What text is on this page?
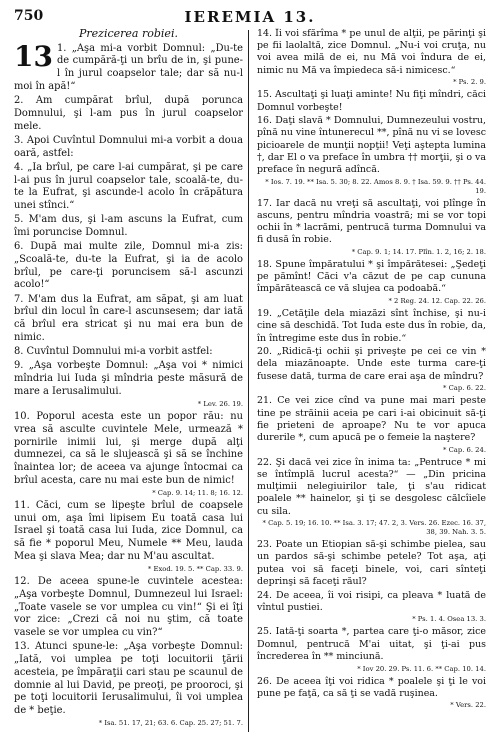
750	IEREMIA 13.
Prezicerea robiei.
13 1. „Aşa mi-a vorbit Domnul: „Du-te de cumpără-ţi un brîu de in, şi pune-l în jurul coapselor tale; dar să nu-l moi în apă!“
2. Am cumpărat brîul, după porunca Domnului, şi l-am pus în jurul coapselor mele.
3. Apoi Cuvîntul Domnului mi-a vorbit a doua oară, astfel:
4. „Ia brîul, pe care l-ai cumpărat, şi pe care l-ai pus în jurul coapselor tale, scoală-te, du-te la Eufrat, şi ascunde-l acolo în crăpătura unei stînci.“
5. M'am dus, şi l-am ascuns la Eufrat, cum îmi poruncise Domnul.
6. După mai multe zile, Domnul mi-a zis: „Scoală-te, du-te la Eufrat, şi ia de acolo brîul, pe care-ţi poruncisem să-l ascunzi acolo!“
7. M'am dus la Eufrat, am săpat, şi am luat brîul din locul în care-l ascunsesem; dar iată că brîul era stricat şi nu mai era bun de nimic.
8. Cuvîntul Domnului mi-a vorbit astfel:
9. „Aşa vorbeşte Domnul: „Aşa voi * nimici mîndria lui Iuda şi mîndria peste măsură de mare a Ierusalimului.
* Lev. 26. 19.
10. Poporul acesta este un popor rău: nu vrea să asculte cuvintele Mele, urmează * pornirile inimii lui, şi merge după alţi dumnezei, ca să le slujească şi să se închine înaintea lor; de aceea va ajunge întocmai ca brîul acesta, care nu mai este bun de nimic!
* Cap. 9. 14; 11. 8; 16. 12.
11. Căci, cum se lipeşte brîul de coapsele unui om, aşa îmi lipisem Eu toată casa lui Israel şi toată casa lui Iuda, zice Domnul, ca să fie * poporul Meu, Numele ** Meu, lauda Mea şi slava Mea; dar nu M'au ascultat.
* Exod. 19. 5. ** Cap. 33. 9.
12. De aceea spune-le cuvintele acestea: „Aşa vorbeşte Domnul, Dumnezeul lui Israel: „Toate vasele se vor umplea cu vin!“ Şi ei îţi vor zice: „Crezi că noi nu ştim, că toate vasele se vor umplea cu vin?“
13. Atunci spune-le: „Aşa vorbeşte Domnul: „Iată, voi umplea pe toţi locuitorii ţării acesteia, pe împăraţii cari stau pe scaunul de domnie al lui David, pe preoţi, pe prooroci, şi pe toţi locuitorii Ierusalimului, îi voi umplea de * beţie.
* Isa. 51. 17, 21; 63. 6. Cap. 25. 27; 51. 7.
14. Îi voi sfărîma * pe unul de alţii, pe părinţi şi pe fii laolaltă, zice Domnul. „Nu-i voi cruţa, nu voi avea milă de ei, nu Mă voi îndura de ei, nimic nu Mă va împiedeca să-i nimicesc.“
* Ps. 2. 9.
15. Ascultaţi şi luaţi aminte! Nu fiţi mîndri, căci Domnul vorbeşte!
16. Daţi slavă * Domnului, Dumnezeului vostru, pînă nu vine întunerecul **, pînă nu vi se lovesc picioarele de munţii nopţii! Veţi aştepta lumina †, dar El o va preface în umbra †† morţii, şi o va preface în negură adîncă.
* Ios. 7. 19. ** Isa. 5. 30; 8. 22. Amos 8. 9. † Isa. 59. 9. †† Ps. 44. 19.
17. Iar dacă nu vreţi să ascultaţi, voi plînge în ascuns, pentru mîndria voastră; mi se vor topi ochii în * lacrămi, pentrucă turma Domnului va fi dusă în robie.
* Cap. 9. 1; 14. 17. Plîn. 1. 2, 16; 2. 18.
18. Spune împăratului * şi împărătesei: „Şedeţi pe pămînt! Căci v'a căzut de pe cap cununa împărătească ce vă slujea ca podoabă.“
* 2 Reg. 24. 12. Cap. 22. 26.
19. „Cetăţile dela miazăzi sînt închise, şi nu-i cine să deschidă. Tot Iuda este dus în robie, da, în întregime este dus în robie.“
20. „Ridică-ţi ochii şi priveşte pe cei ce vin * dela miazănoapte. Unde este turma care-ţi fusese dată, turma de care erai aşa de mîndru?
* Cap. 6. 22.
21. Ce vei zice cînd va pune mai mari peste tine pe străinii aceia pe cari i-ai obicinuit să-ţi fie prieteni de aproape? Nu te vor apuca durerile *, cum apucă pe o femeie la naştere?
* Cap. 6. 24.
22. Şi dacă vei zice în inima ta: „Pentruce * mi se întîmplă lucrul acesta?“ — „Din pricina mulţimii nelegiuirilor tale, ţi s'au ridicat poalele ** hainelor, şi ţi se desgolesc călcîiele cu sila.
* Cap. 5. 19; 16. 10. ** Isa. 3. 17; 47. 2, 3. Vers. 26. Ezec. 16. 37, 38, 39. Nah. 3. 5.
23. Poate un Etiopian să-şi schimbe pielea, sau un pardos să-şi schimbe petele? Tot aşa, aţi putea voi să faceţi binele, voi, cari sînteţi deprinşi să faceţi răul?
24. De aceea, îi voi risipi, ca pleava * luată de vîntul pustiei.
* Ps. 1. 4. Osea 13. 3.
25. Iată-ţi soarta *, partea care ţi-o măsor, zice Domnul, pentrucă M'ai uitat, şi ţi-ai pus încrederea în ** minciună.
* Iov 20. 29. Ps. 11. 6. ** Cap. 10. 14.
26. De aceea îţi voi ridica * poalele şi ţi le voi pune pe faţă, ca să ţi se vadă ruşinea.
* Vers. 22.
